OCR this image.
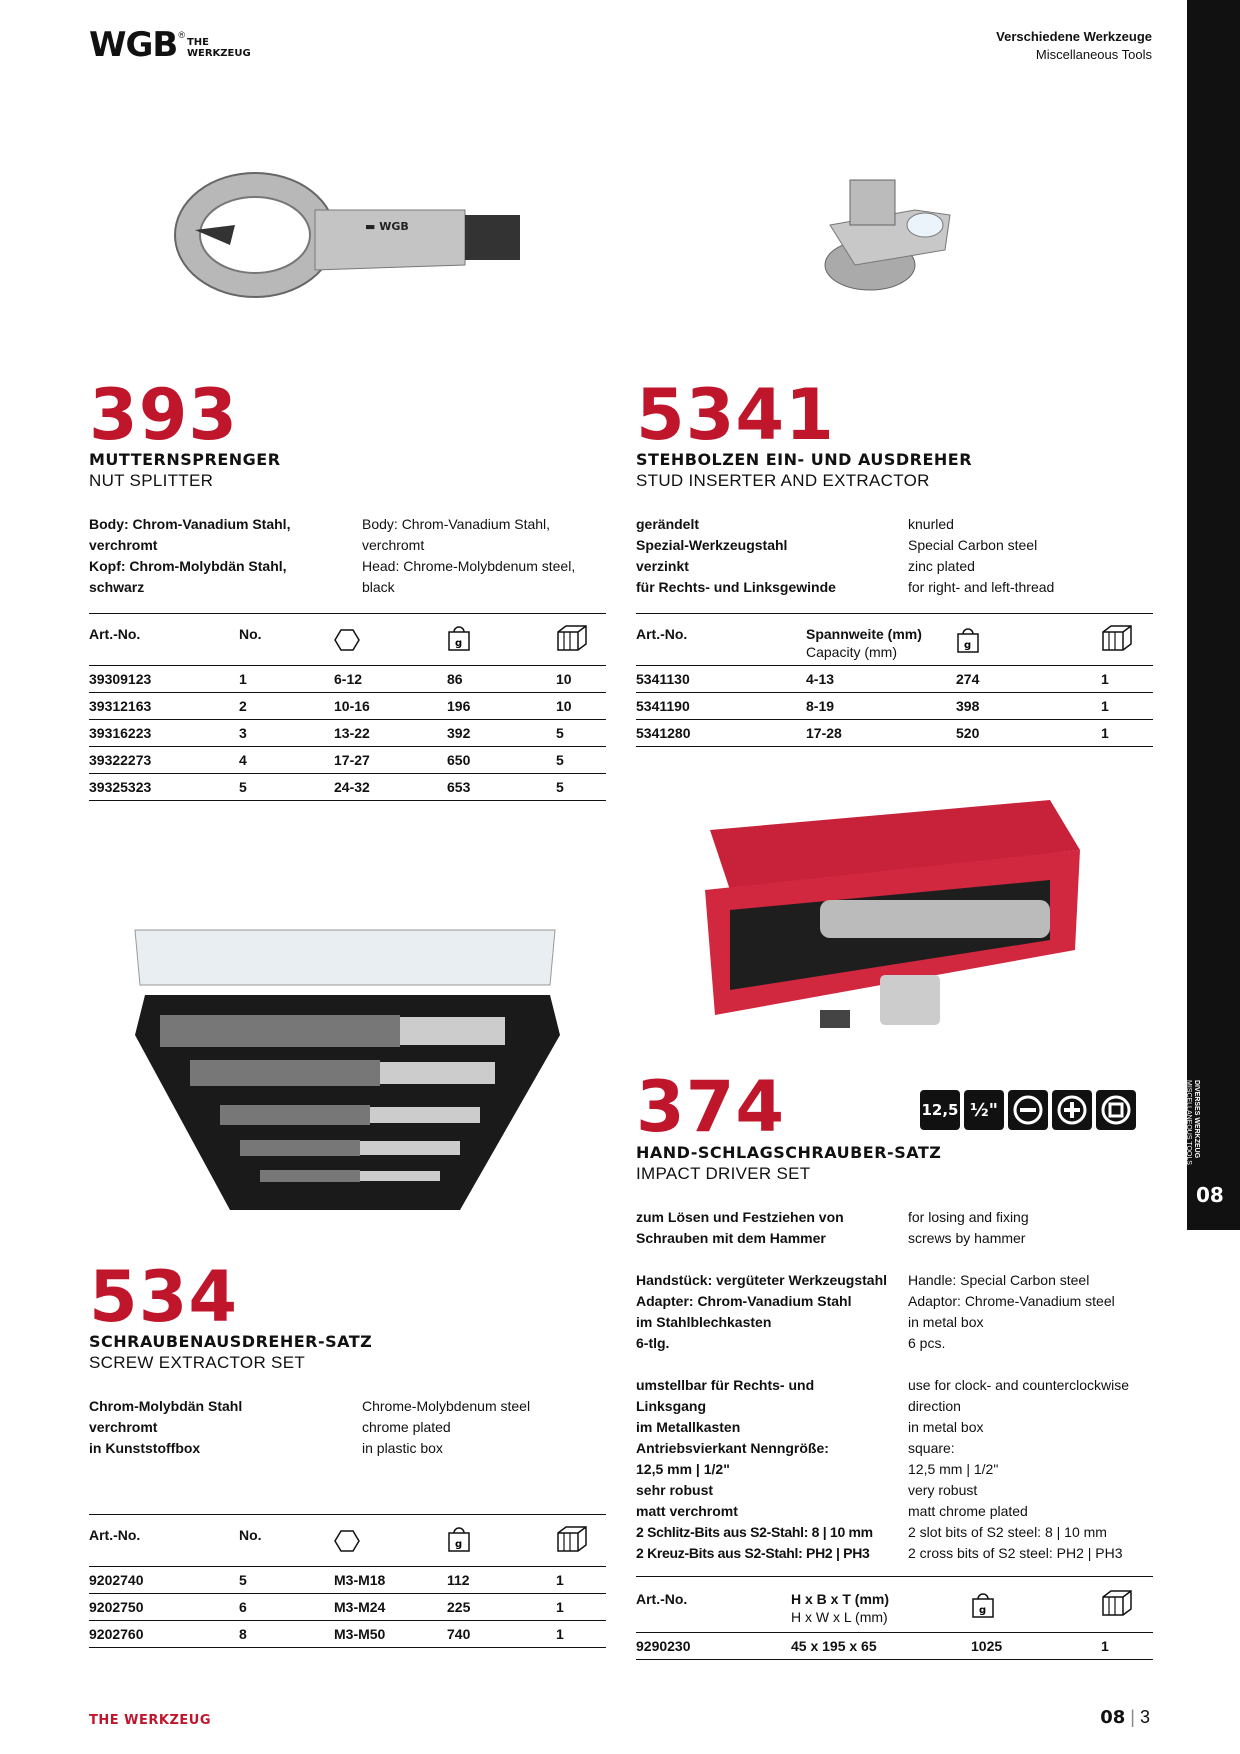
WGB ®
THE WERKZEUG
Verschiedene Werkzeuge
Miscellaneous Tools
DIVERSES WERKZEUG
MISCELLANEOUS TOOLS
08
▬ WGB
393
MUTTERNSPRENGER
NUT SPLITTER
Body: Chrom-Vanadium Stahl,
verchromt
Kopf: Chrom-Molybdän Stahl,
schwarz
Body: Chrom-Vanadium Stahl,
verchromt
Head: Chrome-Molybdenum steel,
black
Art.-No.	No.
g
39309123	1	6-12	86	10
39312163	2	10-16	196	10
39316223	3	13-22	392	5
39322273	4	17-27	650	5
39325323	5	24-32	653	5
5341
STEHBOLZEN EIN- UND AUSDREHER
STUD INSERTER AND EXTRACTOR
gerändelt
Spezial-Werkzeugstahl
verzinkt
für Rechts- und Linksgewinde
knurled
Special Carbon steel
zinc plated
for right- and left-thread
Art.-No.	Spannweite (mm)
Capacity (mm)	g
5341130	4-13	274	1
5341190	8-19	398	1
5341280	17-28	520	1
534
SCHRAUBENAUSDREHER-SATZ
SCREW EXTRACTOR SET
Chrom-Molybdän Stahl
verchromt
in Kunststoffbox
Chrome-Molybdenum steel
chrome plated
in plastic box
Art.-No.	No.
g
9202740	5	M3-M18	112	1
9202750	6	M3-M24	225	1
9202760	8	M3-M50	740	1
374	12,5 ½"
HAND-SCHLAGSCHRAUBER-SATZ
IMPACT DRIVER SET
zum Lösen und Festziehen von
Schrauben mit dem Hammer
Handstück: vergüteter Werkzeugstahl
Adapter: Chrom-Vanadium Stahl
im Stahlblechkasten
6-tlg.
umstellbar für Rechts- und
Linksgang
im Metallkasten
Antriebsvierkant Nenngröße:
12,5 mm | 1/2"
sehr robust
matt verchromt
2 Schlitz-Bits aus S2-Stahl: 8 | 10 mm
2 Kreuz-Bits aus S2-Stahl: PH2 | PH3
for losing and fixing
screws by hammer
Handle: Special Carbon steel
Adaptor: Chrome-Vanadium steel
in metal box
6 pcs.
use for clock- and counterclockwise
direction
in metal box
square:
12,5 mm | 1/2"
very robust
matt chrome plated
2 slot bits of S2 steel: 8 | 10 mm
2 cross bits of S2 steel: PH2 | PH3
Art.-No.	H x B x T (mm)
H x W x L (mm)	g
9290230	45 x 195 x 65	1025	1
THE WERKZEUG	08 | 3
